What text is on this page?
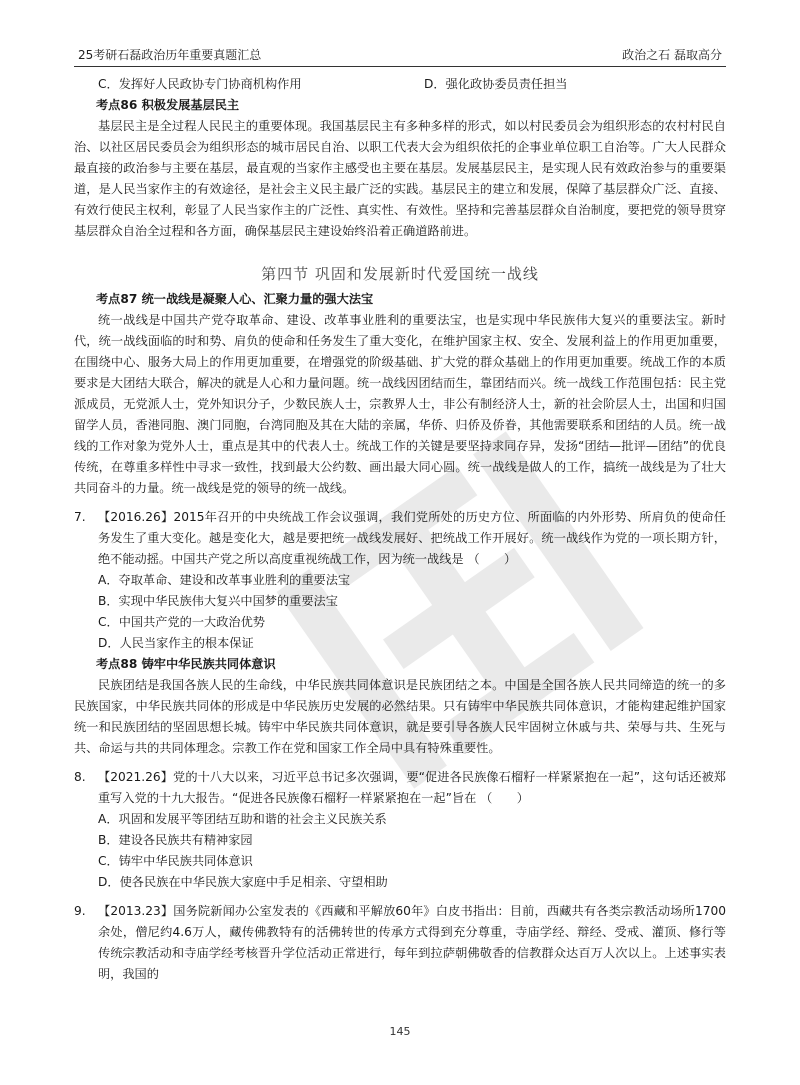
25考研石磊政治历年重要真题汇总	政治之石 磊取高分
C．发挥好人民政协专门协商机构作用	D．强化政协委员责任担当
考点86 积极发展基层民主

基层民主是全过程人民民主的重要体现。我国基层民主有多种多样的形式，如以村民委员会为组织形态的农村村民自治、以社区居民委员会为组织形态的城市居民自治、以职工代表大会为组织依托的企事业单位职工自治等。广大人民群众最直接的政治参与主要在基层，最直观的当家作主感受也主要在基层。发展基层民主，是实现人民有效政治参与的重要渠道，是人民当家作主的有效途径，是社会主义民主最广泛的实践。基层民主的建立和发展，保障了基层群众广泛、直接、有效行使民主权利，彰显了人民当家作主的广泛性、真实性、有效性。坚持和完善基层群众自治制度，要把党的领导贯穿基层群众自治全过程和各方面，确保基层民主建设始终沿着正确道路前进。

第四节 巩固和发展新时代爱国统一战线
考点87 统一战线是凝聚人心、汇聚力量的强大法宝

统一战线是中国共产党夺取革命、建设、改革事业胜利的重要法宝，也是实现中华民族伟大复兴的重要法宝。新时代，统一战线面临的时和势、肩负的使命和任务发生了重大变化，在维护国家主权、安全、发展利益上的作用更加重要，在围绕中心、服务大局上的作用更加重要，在增强党的阶级基础、扩大党的群众基础上的作用更加重要。统战工作的本质要求是大团结大联合，解决的就是人心和力量问题。统一战线因团结而生，靠团结而兴。统一战线工作范围包括：民主党派成员，无党派人士，党外知识分子，少数民族人士，宗教界人士，非公有制经济人士，新的社会阶层人士，出国和归国留学人员，香港同胞、澳门同胞，台湾同胞及其在大陆的亲属，华侨、归侨及侨眷，其他需要联系和团结的人员。统一战线的工作对象为党外人士，重点是其中的代表人士。统战工作的关键是要坚持求同存异，发扬“团结—批评—团结”的优良传统，在尊重多样性中寻求一致性，找到最大公约数、画出最大同心圆。统一战线是做人的工作，搞统一战线是为了壮大共同奋斗的力量。统一战线是党的领导的统一战线。

7.	【2016.26】2015年召开的中央统战工作会议强调，我们党所处的历史方位、所面临的内外形势、所肩负的使命任务发生了重大变化。越是变化大，越是要把统一战线发展好、把统战工作开展好。统一战线作为党的一项长期方针，绝不能动摇。中国共产党之所以高度重视统战工作，因为统一战线是 （　　）
A．夺取革命、建设和改革事业胜利的重要法宝
B．实现中华民族伟大复兴中国梦的重要法宝
C．中国共产党的一大政治优势
D．人民当家作主的根本保证
考点88 铸牢中华民族共同体意识

民族团结是我国各族人民的生命线，中华民族共同体意识是民族团结之本。中国是全国各族人民共同缔造的统一的多民族国家，中华民族共同体的形成是中华民族历史发展的必然结果。只有铸牢中华民族共同体意识，才能构建起维护国家统一和民族团结的坚固思想长城。铸牢中华民族共同体意识，就是要引导各族人民牢固树立休戚与共、荣辱与共、生死与共、命运与共的共同体理念。宗教工作在党和国家工作全局中具有特殊重要性。

8.	【2021.26】党的十八大以来，习近平总书记多次强调，要“促进各民族像石榴籽一样紧紧抱在一起”，这句话还被郑重写入党的十九大报告。“促进各民族像石榴籽一样紧紧抱在一起”旨在 （　　）
A．巩固和发展平等团结互助和谐的社会主义民族关系
B．建设各民族共有精神家园
C．铸牢中华民族共同体意识
D．使各民族在中华民族大家庭中手足相亲、守望相助
9.	【2013.23】国务院新闻办公室发表的《西藏和平解放60年》白皮书指出：目前，西藏共有各类宗教活动场所1700余处，僧尼约4.6万人，藏传佛教特有的活佛转世的传承方式得到充分尊重，寺庙学经、辩经、受戒、灌顶、修行等传统宗教活动和寺庙学经考核晋升学位活动正常进行，每年到拉萨朝佛敬香的信教群众达百万人次以上。上述事实表明，我国的
145
